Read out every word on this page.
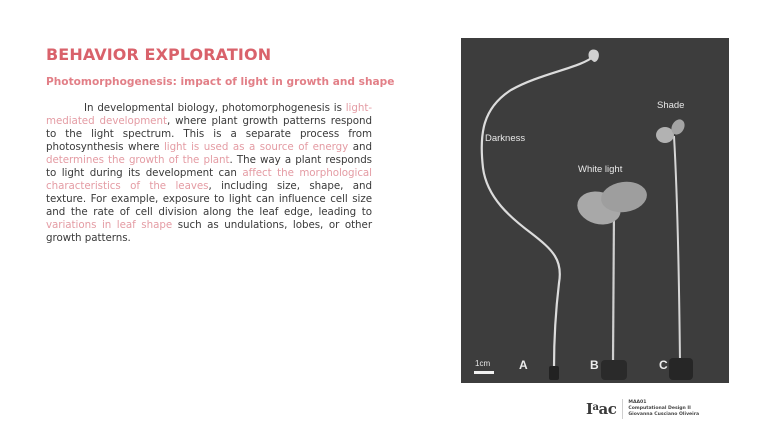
BEHAVIOR EXPLORATION
Photomorphogenesis: impact of light in growth and shape

In developmental biology, photomorphogenesis is light-mediated development, where plant growth patterns respond to the light spectrum. This is a separate process from photosynthesis where light is used as a source of energy and determines the growth of the plant. The way a plant responds to light during its development can affect the morphological characteristics of the leaves, including size, shape, and texture. For example, exposure to light can influence cell size and the rate of cell division along the leaf edge, leading to variations in leaf shape such as undulations, lobes, or other growth patterns.

Darkness
White light
Shade
1cm A	B	C
$I^aac$	MAA01
Computational Design II
Giovanna Cusciano Oliveira
